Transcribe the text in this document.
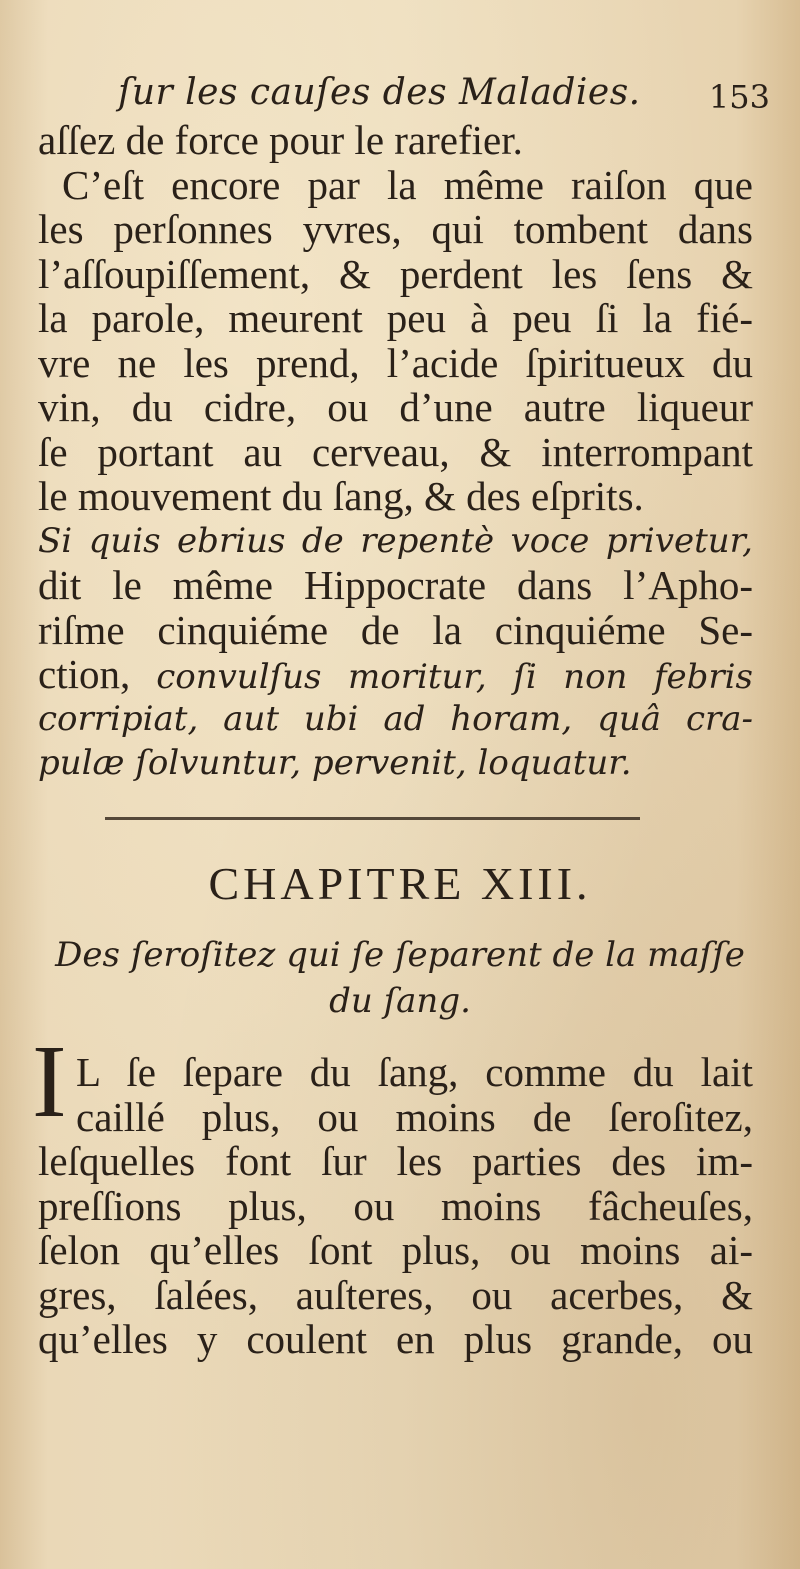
ſur les cauſes des Maladies. 153
aſſez de force pour le rarefier.
C’eſt encore par la même raiſon que
les perſonnes yvres, qui tombent dans
l’aſſoupiſſement, & perdent les ſens &
la parole, meurent peu à peu ſi la fié-
vre ne les prend, l’acide ſpiritueux du
vin, du cidre, ou d’une autre liqueur
ſe portant au cerveau, & interrompant
le mouvement du ſang, & des eſprits.
Si quis ebrius de repentè voce privetur,
dit le même Hippocrate dans l’Apho-
riſme cinquiéme de la cinquiéme Se-
ction, convulſus moritur, ſi non febris
corripiat, aut ubi ad horam, quâ cra-
pulæ ſolvuntur, pervenit, loquatur.
CHAPITRE XIII.
Des ſeroſitez qui ſe ſeparent de la maſſe
du ſang.
I L ſe ſepare du ſang, comme du lait
caillé plus, ou moins de ſeroſitez,
leſquelles font ſur les parties des im-
preſſions plus, ou moins fâcheuſes,
ſelon qu’elles ſont plus, ou moins ai-
gres, ſalées, auſteres, ou acerbes, &
qu’elles y coulent en plus grande, ou
